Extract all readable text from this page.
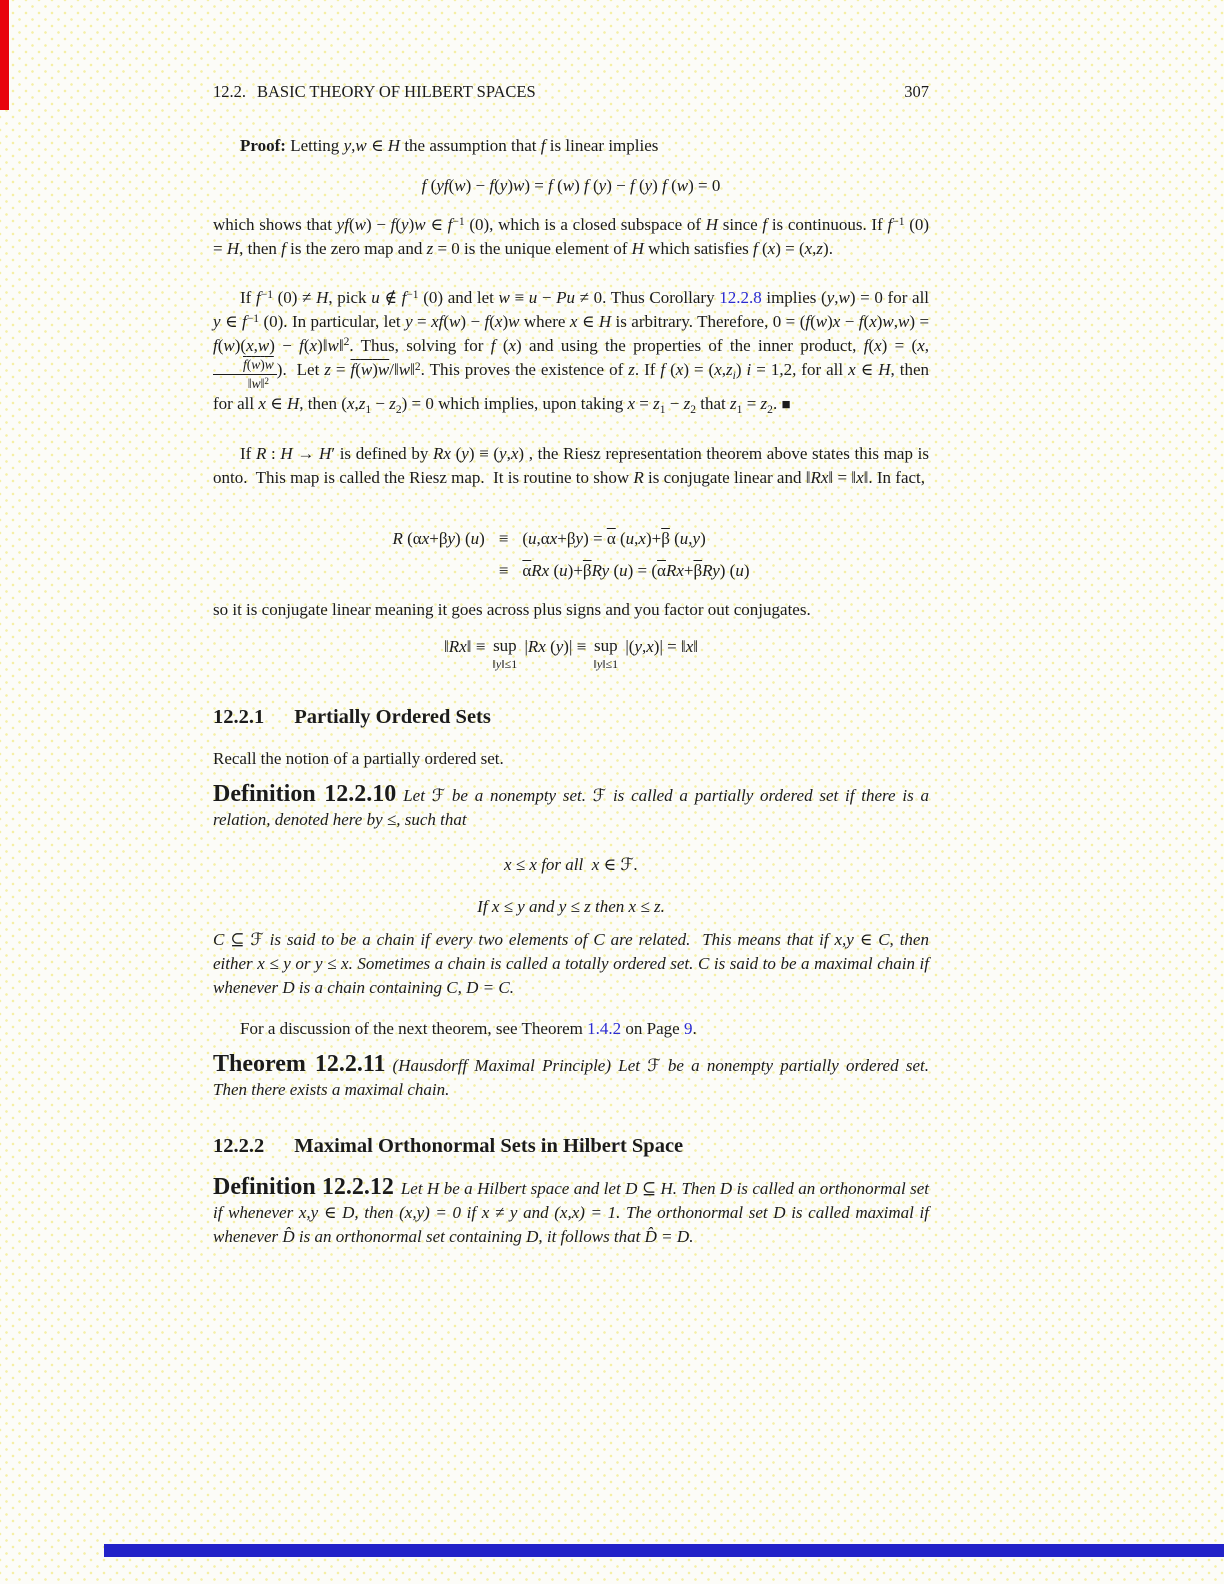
12.2. BASIC THEORY OF HILBERT SPACES	307
Proof: Letting y,w ∈ H the assumption that f is linear implies
f (yf(w) − f(y)w) = f (w) f (y) − f (y) f (w) = 0
which shows that yf(w) − f(y)w ∈ $f^{-1}$ (0), which is a closed subspace of H since f is continuous. If $f^{-1}$ (0) = H, then f is the zero map and z = 0 is the unique element of H which satisfies f (x) = (x,z).
If $f^{-1}$ (0) ≠ H, pick u ∉ $f^{-1}$ (0) and let w ≡ u − Pu ≠ 0. Thus Corollary 12.2.8 implies (y,w) = 0 for all y ∈ $f^{-1}$ (0). In particular, let y = xf(w) − f(x)w where x ∈ H is arbitrary. Therefore, 0 = (f(w)x − f(x)w,w) = f(w)(x,w) − f(x)‖w‖$^2$. Thus, solving for f (x) and using the properties of the inner product, f(x) = (x,
$\frac{f(w)w}{‖w‖^2}$ ).  Let z = f(w)w/‖w‖$^2$. This proves the existence of z. If f $(x) = (x,z_i) i = 1,2$, for all x ∈ H, then for all x ∈ H, then $(x,z_1 - z_2) = 0$ which implies, upon taking $x = z_1 - z_2$ that $z_1 = z_2$. ■
If R : H → H′ is defined by Rx (y) ≡ (y,x) , the Riesz representation theorem above states this map is onto.  This map is called the Riesz map.  It is routine to show R is conjugate linear and ‖Rx‖ = ‖x‖. In fact,
R (αx+βy) $(u) \equiv (u,\alpha x+\beta y) = \overline{\alpha}$ $(u,x)+\overline{\beta}$ (u,y)
≡ $\overline{\alpha}Rx$ $(u)+\overline{\beta}Ry$ $(u) = (\overline{\alpha}Rx+\overline{\beta}Ry)$ (u)
so it is conjugate linear meaning it goes across plus signs and you factor out conjugates.
‖Rx‖ ≡ sup
‖y‖≤1
|Rx (y)| ≡ sup
‖y‖≤1
|(y,x)| = ‖x‖
12.2.1 Partially Ordered Sets
Recall the notion of a partially ordered set.
Definition 12.2.10 Let ℱ be a nonempty set. ℱ is called a partially ordered set if there is a relation, denoted here by ≤, such that
x ≤ x for all  x ∈ ℱ.
If x ≤ y and y ≤ z then x ≤ z.
C ⊆ ℱ is said to be a chain if every two elements of C are related.  This means that if x,y ∈ C, then either x ≤ y or y ≤ x. Sometimes a chain is called a totally ordered set. C is said to be a maximal chain if whenever D is a chain containing C, D = C.
For a discussion of the next theorem, see Theorem 1.4.2 on Page 9.
Theorem 12.2.11 (Hausdorff Maximal Principle) Let ℱ be a nonempty partially ordered set. Then there exists a maximal chain.
12.2.2 Maximal Orthonormal Sets in Hilbert Space
Definition 12.2.12 Let H be a Hilbert space and let D ⊆ H. Then D is called an orthonormal set if whenever x,y ∈ D, then (x,y) = 0 if x ≠ y and (x,x) = 1. The orthonormal set D is called maximal if whenever D̂ is an orthonormal set containing D, it follows that D̂ = D.
